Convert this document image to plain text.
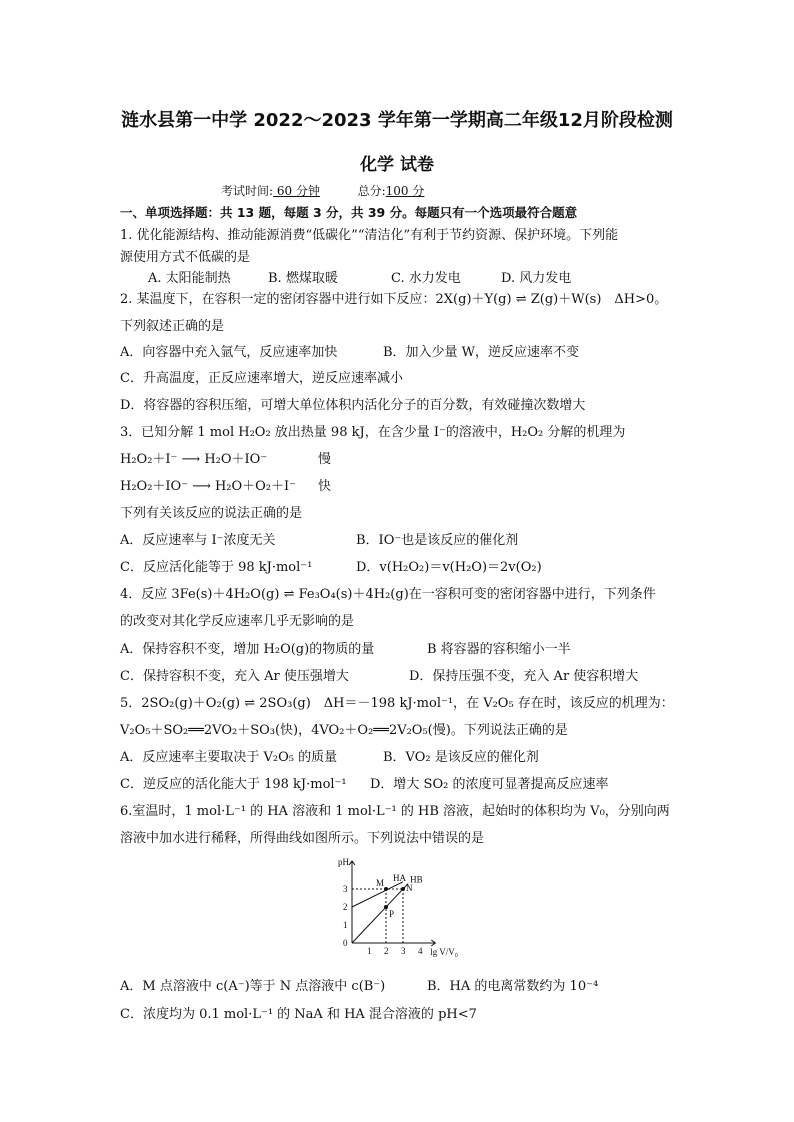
涟水县第一中学 2022～2023 学年第一学期高二年级12月阶段检测
化学 试卷
考试时间: 60 分钟	总分:100 分
一、单项选择题：共 13 题，每题 3 分，共 39 分。每题只有一个选项最符合题意
1. 优化能源结构、推动能源消费“低碳化”“清洁化”有利于节约资源、保护环境。下列能
源使用方式不低碳的是
A. 太阳能制热	B. 燃煤取暖	C. 水力发电	D. 风力发电
2. 某温度下，在容积一定的密闭容器中进行如下反应：2X(g)＋Y(g) ⇌ Z(g)＋W(s)　ΔH>0。
下列叙述正确的是
A．向容器中充入氩气，反应速率加快	B．加入少量 W，逆反应速率不变
C．升高温度，正反应速率增大，逆反应速率减小
D．将容器的容积压缩，可增大单位体积内活化分子的百分数，有效碰撞次数增大
3．已知分解 1 mol H₂O₂ 放出热量 98 kJ，在含少量 I⁻的溶液中，H₂O₂ 分解的机理为
H₂O₂＋I⁻ ⟶ H₂O＋IO⁻	慢
H₂O₂＋IO⁻ ⟶ H₂O＋O₂＋I⁻ 快
下列有关该反应的说法正确的是
A．反应速率与 I⁻浓度无关	B．IO⁻也是该反应的催化剂
C．反应活化能等于 98 kJ·mol⁻¹	D．v(H₂O₂)＝v(H₂O)＝2v(O₂)
4．反应 3Fe(s)＋4H₂O(g) ⇌ Fe₃O₄(s)＋4H₂(g)在一容积可变的密闭容器中进行，下列条件
的改变对其化学反应速率几乎无影响的是
A．保持容积不变，增加 H₂O(g)的物质的量	B 将容器的容积缩小一半
C．保持容积不变，充入 Ar 使压强增大	D．保持压强不变，充入 Ar 使容积增大
5．2SO₂(g)＋O₂(g) ⇌ 2SO₃(g)　ΔH＝－198 kJ·mol⁻¹，在 V₂O₅ 存在时，该反应的机理为：
V₂O₅＋SO₂══2VO₂＋SO₃(快)，4VO₂＋O₂══2V₂O₅(慢)。下列说法正确的是
A．反应速率主要取决于 V₂O₅ 的质量	B．VO₂ 是该反应的催化剂
C．逆反应的活化能大于 198 kJ·mol⁻¹ D．增大 SO₂ 的浓度可显著提高反应速率
6.室温时，1 mol·L⁻¹ 的 HA 溶液和 1 mol·L⁻¹ 的 HB 溶液，起始时的体积均为 V₀，分别向两
溶液中加水进行稀释，所得曲线如图所示。下列说法中错误的是
pH
lg V/V₀
1 2 3 4
0
1
2
3
HA HB
M N
P
A．M 点溶液中 c(A⁻)等于 N 点溶液中 c(B⁻)	B．HA 的电离常数约为 10⁻⁴
C．浓度均为 0.1 mol·L⁻¹ 的 NaA 和 HA 混合溶液的 pH<7
